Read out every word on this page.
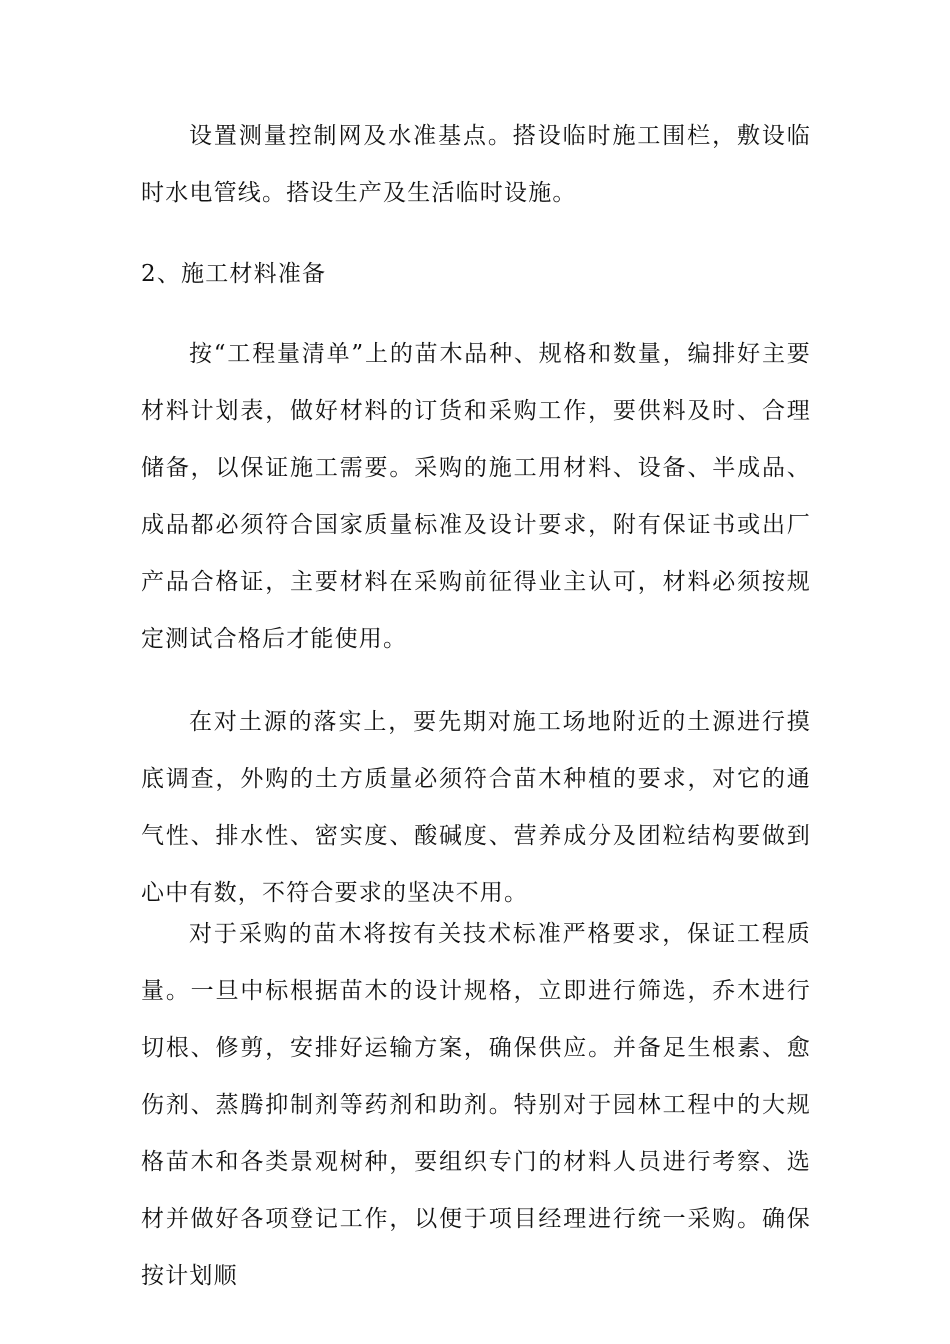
设置测量控制网及水准基点。搭设临时施工围栏，敷设临时水电管线。搭设生产及生活临时设施。

2、施工材料准备

按“工程量清单”上的苗木品种、规格和数量，编排好主要材料计划表，做好材料的订货和采购工作，要供料及时、合理储备，以保证施工需要。采购的施工用材料、设备、半成品、成品都必须符合国家质量标准及设计要求，附有保证书或出厂产品合格证，主要材料在采购前征得业主认可，材料必须按规定测试合格后才能使用。

在对土源的落实上，要先期对施工场地附近的土源进行摸底调查，外购的土方质量必须符合苗木种植的要求，对它的通气性、排水性、密实度、酸碱度、营养成分及团粒结构要做到心中有数，不符合要求的坚决不用。

对于采购的苗木将按有关技术标准严格要求，保证工程质量。一旦中标根据苗木的设计规格，立即进行筛选，乔木进行切根、修剪，安排好运输方案，确保供应。并备足生根素、愈伤剂、蒸腾抑制剂等药剂和助剂。特别对于园林工程中的大规格苗木和各类景观树种，要组织专门的材料人员进行考察、选材并做好各项登记工作，以便于项目经理进行统一采购。确保按计划顺
